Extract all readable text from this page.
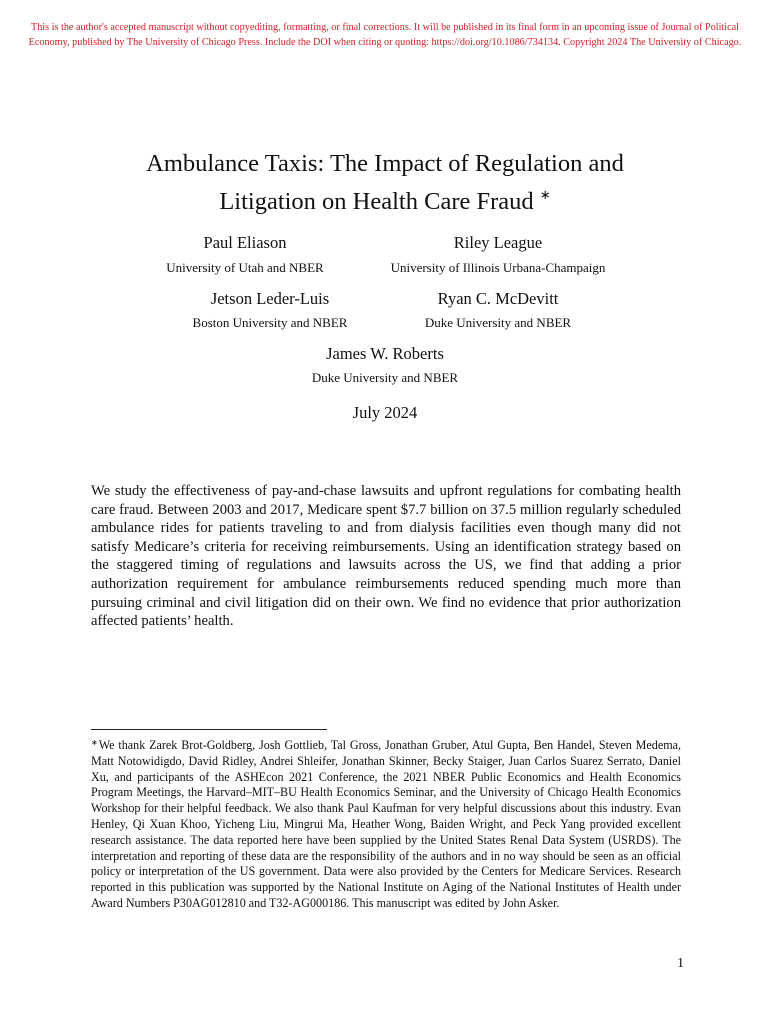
This is the author's accepted manuscript without copyediting, formatting, or final corrections. It will be published in its final form in an upcoming issue of Journal of Political Economy, published by The University of Chicago Press. Include the DOI when citing or quoting: https://doi.org/10.1086/734134. Copyright 2024 The University of Chicago.
Ambulance Taxis: The Impact of Regulation and
Litigation on Health Care Fraud ∗
Paul Eliason
University of Utah and NBER
Riley League
University of Illinois Urbana-Champaign
Jetson Leder-Luis
Boston University and NBER
Ryan C. McDevitt
Duke University and NBER
James W. Roberts
Duke University and NBER
July 2024

We study the effectiveness of pay-and-chase lawsuits and upfront regulations for combating health care fraud. Between 2003 and 2017, Medicare spent $7.7 billion on 37.5 million regularly scheduled ambulance rides for patients traveling to and from dialysis facilities even though many did not satisfy Medicare’s criteria for receiving reimbursements. Using an identification strategy based on the staggered timing of regulations and lawsuits across the US, we find that adding a prior authorization requirement for ambulance reimbursements reduced spending much more than pursuing criminal and civil litigation did on their own. We find no evidence that prior authorization affected patients’ health.

∗We thank Zarek Brot-Goldberg, Josh Gottlieb, Tal Gross, Jonathan Gruber, Atul Gupta, Ben Handel, Steven Medema, Matt Notowidigdo, David Ridley, Andrei Shleifer, Jonathan Skinner, Becky Staiger, Juan Carlos Suarez Serrato, Daniel Xu, and participants of the ASHEcon 2021 Conference, the 2021 NBER Public Economics and Health Economics Program Meetings, the Harvard–MIT–BU Health Economics Seminar, and the University of Chicago Health Economics Workshop for their helpful feedback. We also thank Paul Kaufman for very helpful discussions about this industry. Evan Henley, Qi Xuan Khoo, Yicheng Liu, Mingrui Ma, Heather Wong, Baiden Wright, and Peck Yang provided excellent research assistance. The data reported here have been supplied by the United States Renal Data System (USRDS). The interpretation and reporting of these data are the responsibility of the authors and in no way should be seen as an official policy or interpretation of the US government. Data were also provided by the Centers for Medicare Services. Research reported in this publication was supported by the National Institute on Aging of the National Institutes of Health under Award Numbers P30AG012810 and T32-AG000186. This manuscript was edited by John Asker.

1
